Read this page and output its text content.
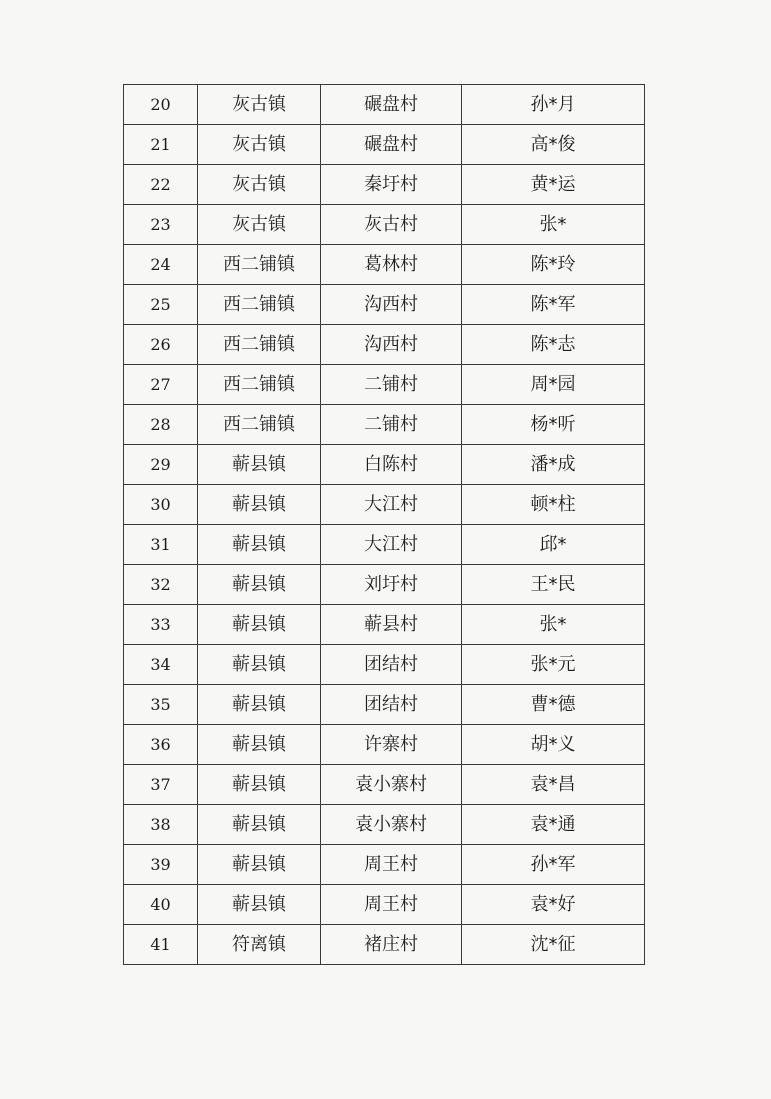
20	灰古镇	碾盘村	孙*月
21	灰古镇	碾盘村	高*俊
22	灰古镇	秦圩村	黄*运
23	灰古镇	灰古村	张*
24	西二铺镇	葛林村	陈*玲
25	西二铺镇	沟西村	陈*军
26	西二铺镇	沟西村	陈*志
27	西二铺镇	二铺村	周*园
28	西二铺镇	二铺村	杨*听
29	蕲县镇	白陈村	潘*成
30	蕲县镇	大江村	顿*柱
31	蕲县镇	大江村	邱*
32	蕲县镇	刘圩村	王*民
33	蕲县镇	蕲县村	张*
34	蕲县镇	团结村	张*元
35	蕲县镇	团结村	曹*德
36	蕲县镇	许寨村	胡*义
37	蕲县镇	袁小寨村	袁*昌
38	蕲县镇	袁小寨村	袁*通
39	蕲县镇	周王村	孙*军
40	蕲县镇	周王村	袁*好
41	符离镇	褚庄村	沈*征
